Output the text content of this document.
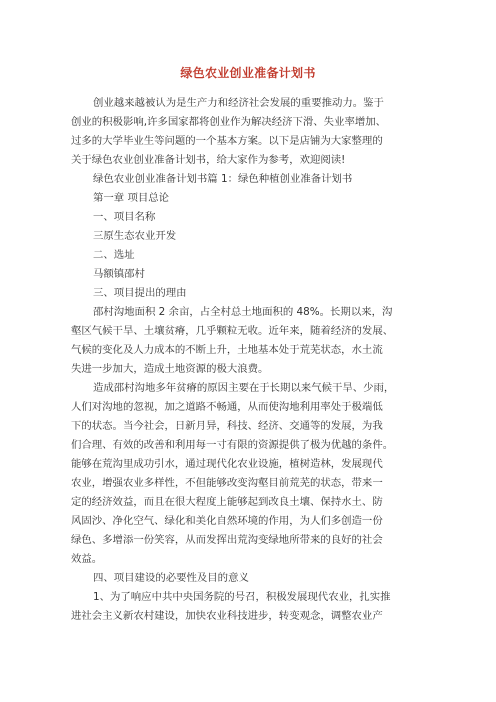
绿色农业创业准备计划书
创业越来越被认为是生产力和经济社会发展的重要推动力。鉴于
创业的积极影响,许多国家都将创业作为解决经济下滑、失业率增加、
过多的大学毕业生等问题的一个基本方案。以下是店铺为大家整理的
关于绿色农业创业准备计划书，给大家作为参考，欢迎阅读!
绿色农业创业准备计划书篇 1：绿色种植创业准备计划书
第一章 项目总论
一、项目名称
三原生态农业开发
二、选址
马额镇邵村
三、项目提出的理由
邵村沟地面积 2 余亩，占全村总土地面积的 48%。长期以来，沟
壑区气候干旱、土壤贫瘠，几乎颗粒无收。近年来，随着经济的发展、
气候的变化及人力成本的不断上升，土地基本处于荒芜状态，水土流
失进一步加大，造成土地资源的极大浪费。
造成邵村沟地多年贫瘠的原因主要在于长期以来气候干旱、少雨，
人们对沟地的忽视，加之道路不畅通，从而使沟地利用率处于极端低
下的状态。当今社会，日新月异，科技、经济、交通等的发展，为我
们合理、有效的改善和利用每一寸有限的资源提供了极为优越的条件。
能够在荒沟里成功引水，通过现代化农业设施，植树造林，发展现代
农业，增强农业多样性，不但能够改变沟壑目前荒芜的状态，带来一
定的经济效益，而且在很大程度上能够起到改良土壤、保持水土、防
风固沙、净化空气、绿化和美化自然环境的作用，为人们多创造一份
绿色、多增添一份笑容，从而发挥出荒沟变绿地所带来的良好的社会
效益。
四、项目建设的必要性及目的意义
1、为了响应中共中央国务院的号召，积极发展现代农业，扎实推
进社会主义新农村建设，加快农业科技进步，转变观念，调整农业产
